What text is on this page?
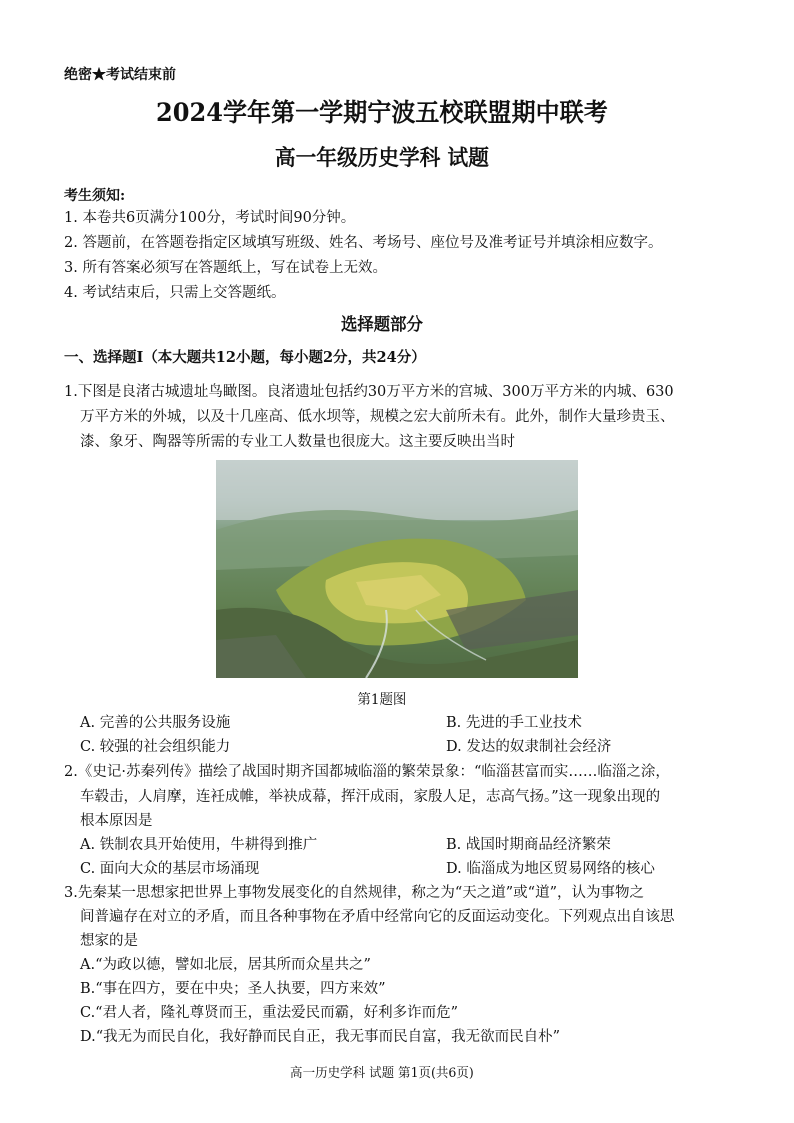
绝密★考试结束前
2024学年第一学期宁波五校联盟期中联考
高一年级历史学科 试题
考生须知:
1. 本卷共6页满分100分，考试时间90分钟。
2. 答题前，在答题卷指定区域填写班级、姓名、考场号、座位号及准考证号并填涂相应数字。
3. 所有答案必须写在答题纸上，写在试卷上无效。
4. 考试结束后，只需上交答题纸。
选择题部分
一、选择题Ⅰ（本大题共12小题，每小题2分，共24分）
1.下图是良渚古城遗址鸟瞰图。良渚遗址包括约30万平方米的宫城、300万平方米的内城、630
万平方米的外城，以及十几座高、低水坝等，规模之宏大前所未有。此外，制作大量珍贵玉、
漆、象牙、陶器等所需的专业工人数量也很庞大。这主要反映出当时
第1题图
A. 完善的公共服务设施	B. 先进的手工业技术
C. 较强的社会组织能力	D. 发达的奴隶制社会经济
2.《史记·苏秦列传》描绘了战国时期齐国都城临淄的繁荣景象：“临淄甚富而实……临淄之涂，
车毂击，人肩摩，连衽成帷，举袂成幕，挥汗成雨，家殷人足，志高气扬。”这一现象出现的
根本原因是
A. 铁制农具开始使用，牛耕得到推广	B. 战国时期商品经济繁荣
C. 面向大众的基层市场涌现	D. 临淄成为地区贸易网络的核心
3.先秦某一思想家把世界上事物发展变化的自然规律，称之为“天之道”或“道”，认为事物之
间普遍存在对立的矛盾，而且各种事物在矛盾中经常向它的反面运动变化。下列观点出自该思
想家的是
A.“为政以德，譬如北辰，居其所而众星共之”
B.“事在四方，要在中央；圣人执要，四方来效”
C.“君人者，隆礼尊贤而王，重法爱民而霸，好利多诈而危”
D.“我无为而民自化，我好静而民自正，我无事而民自富，我无欲而民自朴”
高一历史学科 试题 第1页(共6页)
